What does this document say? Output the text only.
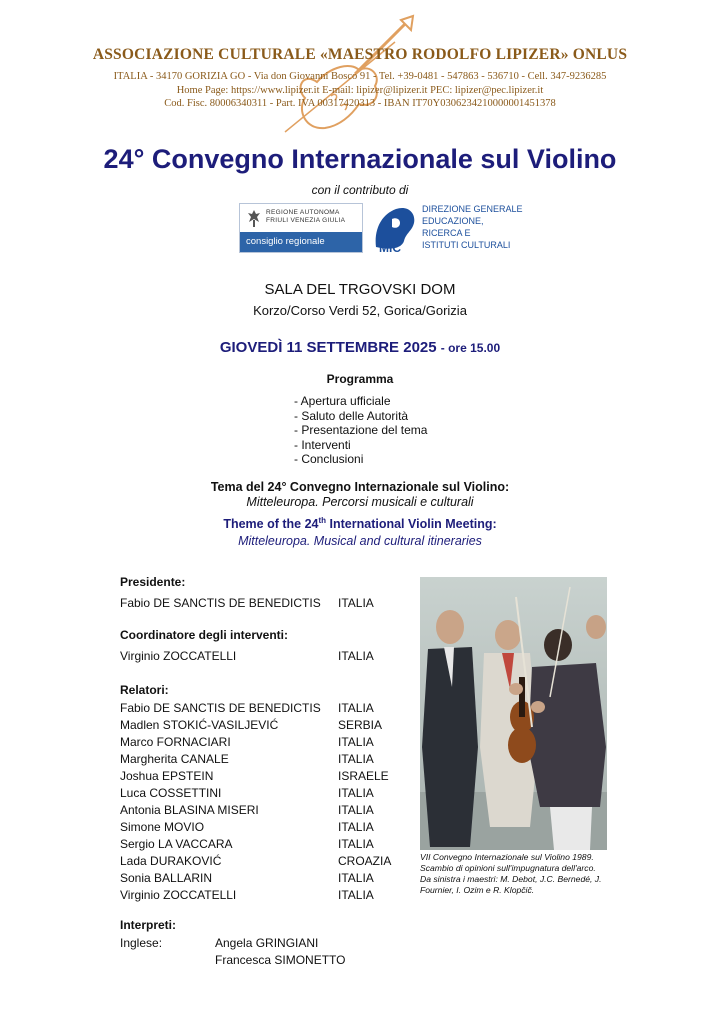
ASSOCIAZIONE CULTURALE «MAESTRO RODOLFO LIPIZER» ONLUS
ITALIA - 34170 GORIZIA GO - Via don Giovanni Bosco 91 - Tel. +39-0481 - 547863 - 536710 - Cell. 347-9236285
Home Page: https://www.lipizer.it E-mail: lipizer@lipizer.it PEC: lipizer@pec.lipizer.it
Cod. Fisc. 80006340311 - Part. IVA 00317420313 - IBAN IT70Y0306234210000001451378
24° Convegno Internazionale sul Violino
con il contributo di
REGIONE AUTONOMA
FRIULI VENEZIA GIULIA
consiglio regionale	MiC
DIREZIONE GENERALE
EDUCAZIONE,
RICERCA E
ISTITUTI CULTURALI
SALA DEL TRGOVSKI DOM
Korzo/Corso Verdi 52, Gorica/Gorizia
GIOVEDÌ 11 SETTEMBRE 2025 - ore 15.00
Programma
- Apertura ufficiale
- Saluto delle Autorità
- Presentazione del tema
- Interventi
- Conclusioni
Tema del 24° Convegno Internazionale sul Violino:
Mitteleuropa. Percorsi musicali e culturali
Theme of the 24th International Violin Meeting:
Mitteleuropa. Musical and cultural itineraries
Presidente:
Fabio DE SANCTIS DE BENEDICTIS ITALIA
Coordinatore degli interventi:
Virginio ZOCCATELLI	ITALIA
Relatori:
Fabio DE SANCTIS DE BENEDICTIS ITALIA
Madlen STOKIĆ-VASILJEVIĆ	SERBIA
Marco FORNACIARI	ITALIA
Margherita CANALE	ITALIA
Joshua EPSTEIN	ISRAELE
Luca COSSETTINI	ITALIA
Antonia BLASINA MISERI	ITALIA
Simone MOVIO	ITALIA
Sergio LA VACCARA	ITALIA
Lada DURAKOVIĆ	CROAZIA
Sonia BALLARIN	ITALIA
Virginio ZOCCATELLI	ITALIA
Interpreti:
Inglese:	Angela GRINGIANI
Francesca SIMONETTO
VII Convegno Internazionale sul Violino 1989.
Scambio di opinioni sull'impugnatura dell'arco.
Da sinistra i maestri: M. Debot, J.C. Bernedé, J.
Fournier, I. Ozim e R. Klopčič.
